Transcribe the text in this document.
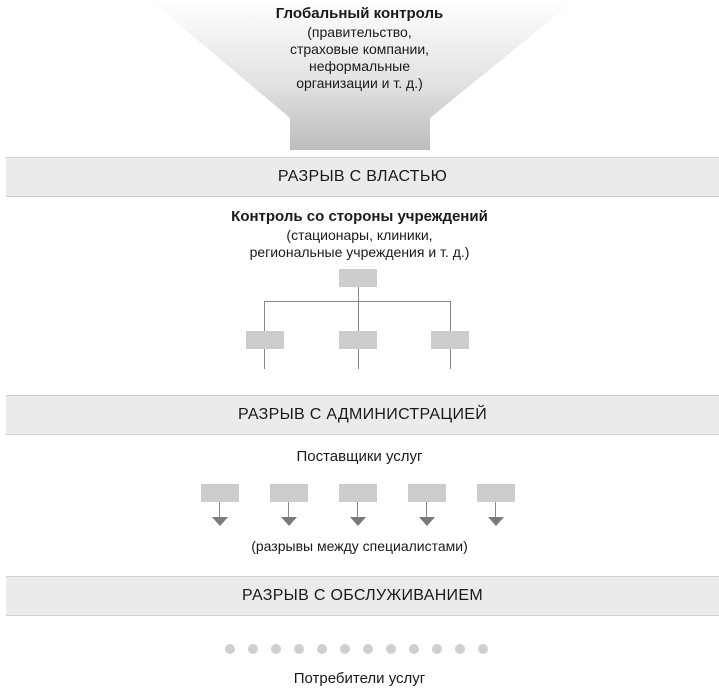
Глобальный контроль
(правительство,
страховые компании,
неформальные
организации и т. д.)
РАЗРЫВ С ВЛАСТЬЮ
Контроль со стороны учреждений
(стационары, клиники,
региональные учреждения и т. д.)
РАЗРЫВ С АДМИНИСТРАЦИЕЙ
Поставщики услуг
(разрывы между специалистами)
РАЗРЫВ С ОБСЛУЖИВАНИЕМ
Потребители услуг
